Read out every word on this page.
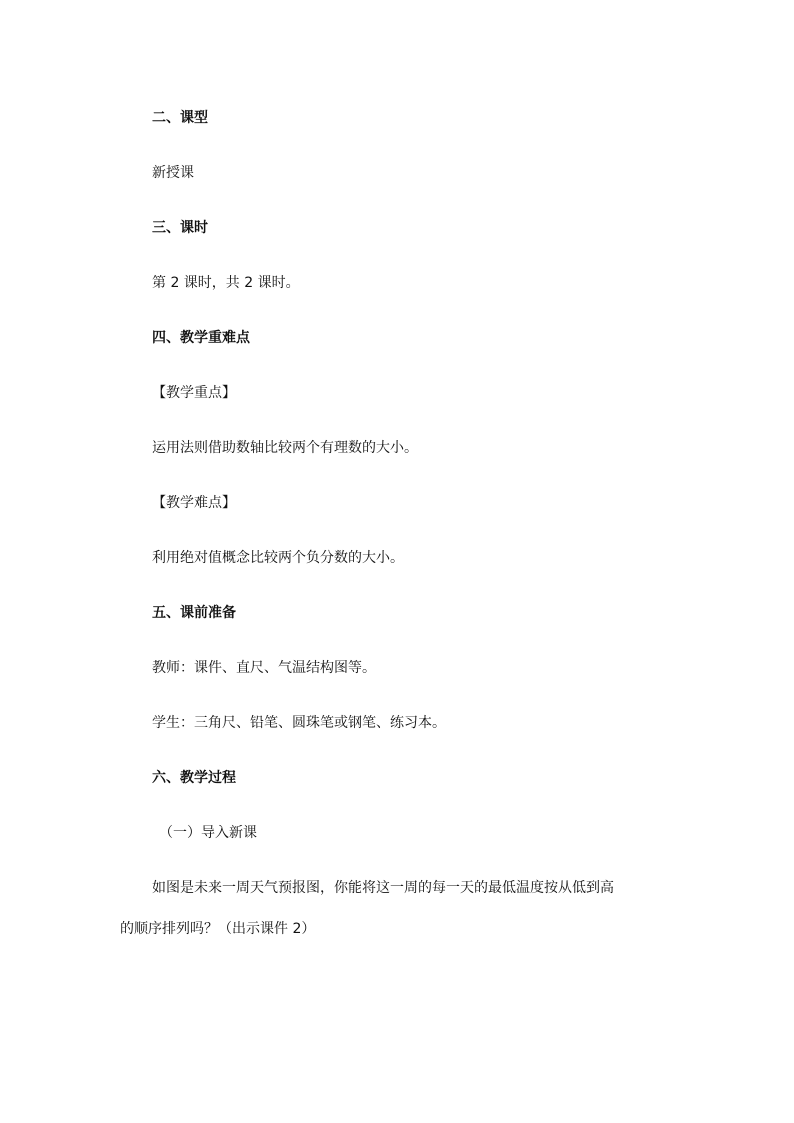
二、课型
新授课
三、课时
第 2 课时，共 2 课时。
四、教学重难点
【教学重点】
运用法则借助数轴比较两个有理数的大小。
【教学难点】
利用绝对值概念比较两个负分数的大小。
五、课前准备
教师：课件、直尺、气温结构图等。
学生：三角尺、铅笔、圆珠笔或钢笔、练习本。
六、教学过程
（一）导入新课
如图是未来一周天气预报图，你能将这一周的每一天的最低温度按从低到高
的顺序排列吗？（出示课件 2）
